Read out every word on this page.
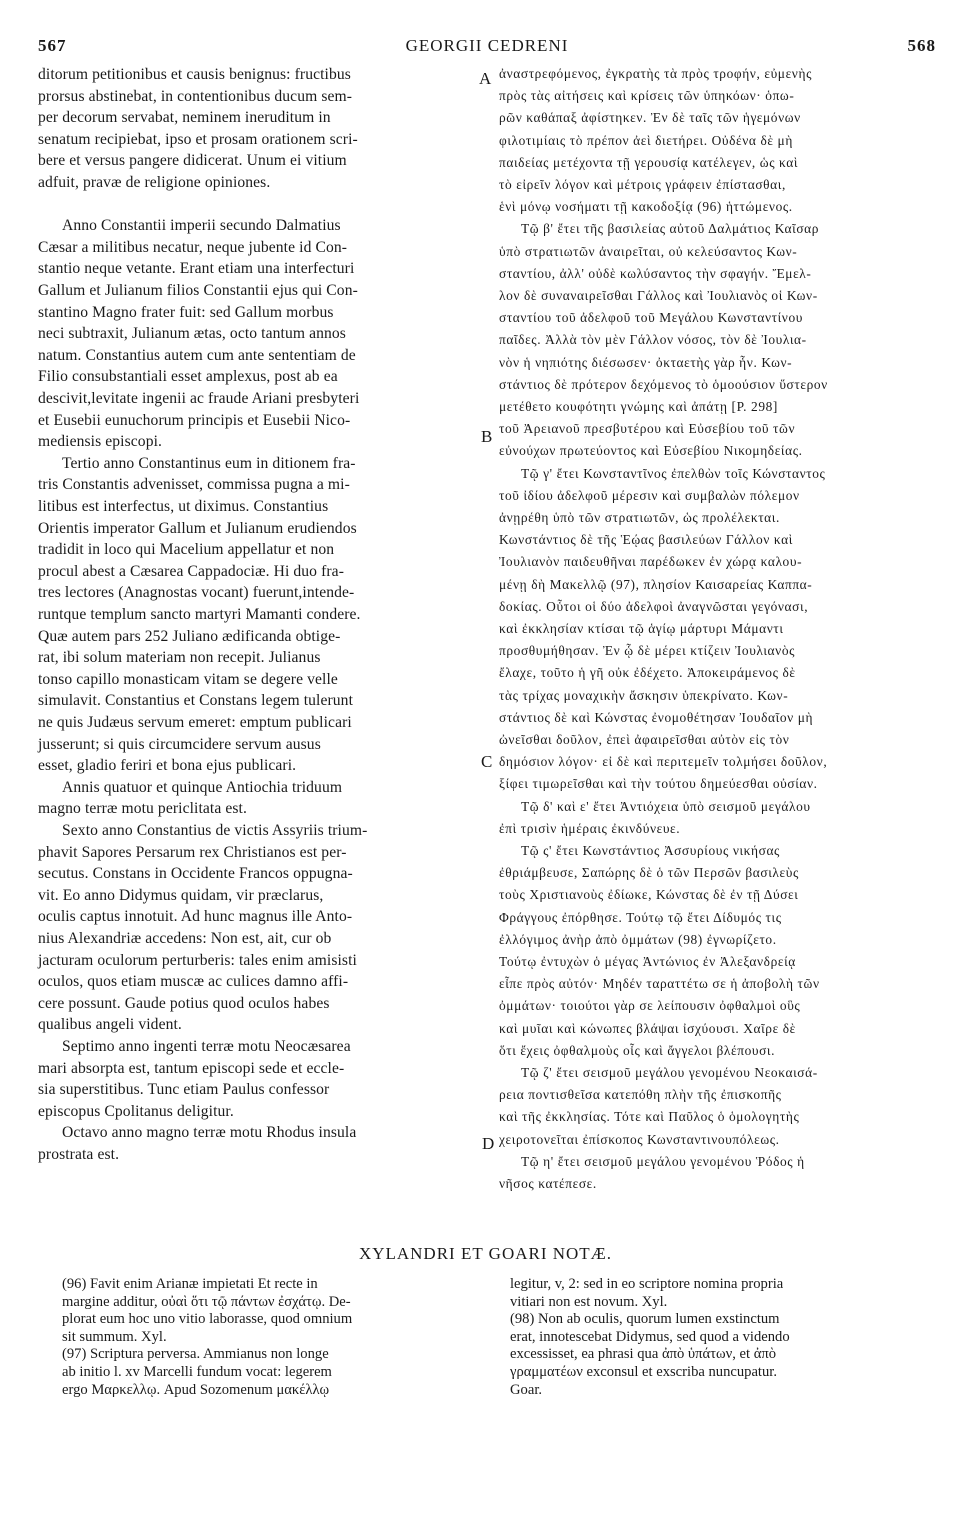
567	GEORGII CEDRENI	568
ditorum petitionibus et causis benignus: fructibus
prorsus abstinebat, in contentionibus ducum sem-
per decorum servabat, neminem ineruditum in
senatum recipiebat, ipso et prosam orationem scri-
bere et versus pangere didicerat. Unum ei vitium
adfuit, pravæ de religione opiniones.
Anno Constantii imperii secundo Dalmatius
Cæsar a militibus necatur, neque jubente id Con-
stantio neque vetante. Erant etiam una interfecturi
Gallum et Julianum filios Constantii ejus qui Con-
stantino Magno frater fuit: sed Gallum morbus
neci subtraxit, Julianum ætas, octo tantum annos
natum. Constantius autem cum ante sententiam de
Filio consubstantiali esset amplexus, post ab ea
descivit,levitate ingenii ac fraude Ariani presbyteri
et Eusebii eunuchorum principis et Eusebii Nico-
mediensis episcopi.
Tertio anno Constantinus eum in ditionem fra-
tris Constantis advenisset, commissa pugna a mi-
litibus est interfectus, ut diximus. Constantius
Orientis imperator Gallum et Julianum erudiendos
tradidit in loco qui Macelium appellatur et non
procul abest a Cæsarea Cappadociæ. Hi duo fra-
tres lectores (Anagnostas vocant) fuerunt,intende-
runtque templum sancto martyri Mamanti condere.
Quæ autem pars 252 Juliano ædificanda obtige-
rat, ibi solum materiam non recepit. Julianus
tonso capillo monasticam vitam se degere velle
simulavit. Constantius et Constans legem tulerunt
ne quis Judæus servum emeret: emptum publicari
jusserunt; si quis circumcidere servum ausus
esset, gladio feriri et bona ejus publicari.
Annis quatuor et quinque Antiochia triduum
magno terræ motu periclitata est.
Sexto anno Constantius de victis Assyriis trium-
phavit Sapores Persarum rex Christianos est per-
secutus. Constans in Occidente Francos oppugna-
vit. Eo anno Didymus quidam, vir præclarus,
oculis captus innotuit. Ad hunc magnus ille Anto-
nius Alexandriæ accedens: Non est, ait, cur ob
jacturam oculorum perturberis: tales enim amisisti
oculos, quos etiam muscæ ac culices damno affi-
cere possunt. Gaude potius quod oculos habes
qualibus angeli vident.
Septimo anno ingenti terræ motu Neocæsarea
mari absorpta est, tantum episcopi sede et eccle-
sia superstitibus. Tunc etiam Paulus confessor
episcopus Cpolitanus deligitur.
Octavo anno magno terræ motu Rhodus insula
prostrata est.
ἀναστρεφόμενος, ἐγκρατὴς τὰ πρὸς τροφήν, εὐμενὴς
πρὸς τὰς αἰτήσεις καὶ κρίσεις τῶν ὑπηκόων· ὁπω-
ρῶν καθάπαξ ἀφίστηκεν. Ἐν δὲ ταῖς τῶν ἡγεμόνων
φιλοτιμίαις τὸ πρέπον ἀεὶ διετήρει. Οὐδένα δὲ μὴ
παιδείας μετέχοντα τῇ γερουσίᾳ κατέλεγεν, ὡς καὶ
τὸ εἰρεῖν λόγον καὶ μέτροις γράφειν ἐπίστασθαι,
ἑνὶ μόνῳ νοσήματι τῇ κακοδοξίᾳ (96) ἡττώμενος.
Τῷ β' ἔτει τῆς βασιλείας αὐτοῦ Δαλμάτιος Καῖσαρ
ὑπὸ στρατιωτῶν ἀναιρεῖται, οὐ κελεύσαντος Κων-
σταντίου, ἀλλ' οὐδὲ κωλύσαντος τὴν σφαγήν. Ἔμελ-
λον δὲ συναναιρεῖσθαι Γάλλος καὶ Ἰουλιανὸς οἱ Κων-
σταντίου τοῦ ἀδελφοῦ τοῦ Μεγάλου Κωνσταντίνου
παῖδες. Ἀλλὰ τὸν μὲν Γάλλον νόσος, τὸν δὲ Ἰουλια-
νὸν ἡ νηπιότης διέσωσεν· ὀκταετὴς γὰρ ἦν. Κων-
στάντιος δὲ πρότερον δεχόμενος τὸ ὁμοούσιον ὕστερον
μετέθετο κουφότητι γνώμης καὶ ἀπάτῃ [P. 298]
τοῦ Ἀρειανοῦ πρεσβυτέρου καὶ Εὐσεβίου τοῦ τῶν
εὐνούχων πρωτεύοντος καὶ Εὐσεβίου Νικομηδείας.
Τῷ γ' ἔτει Κωνσταντῖνος ἐπελθὼν τοῖς Κώνσταντος
τοῦ ἰδίου ἀδελφοῦ μέρεσιν καὶ συμβαλὼν πόλεμον
ἀνῃρέθη ὑπὸ τῶν στρατιωτῶν, ὡς προλέλεκται.
Κωνστάντιος δὲ τῆς Ἑῴας βασιλεύων Γάλλον καὶ
Ἰουλιανὸν παιδευθῆναι παρέδωκεν ἐν χώρᾳ καλου-
μένῃ δὴ Μακελλῷ (97), πλησίον Καισαρείας Καππα-
δοκίας. Οὗτοι οἱ δύο ἀδελφοὶ ἀναγνῶσται γεγόνασι,
καὶ ἐκκλησίαν κτίσαι τῷ ἁγίῳ μάρτυρι Μάμαντι
προσθυμήθησαν. Ἐν ᾧ δὲ μέρει κτίζειν Ἰουλιανὸς
ἔλαχε, τοῦτο ἡ γῆ οὐκ ἐδέχετο. Ἀποκειράμενος δὲ
τὰς τρίχας μοναχικὴν ἄσκησιν ὑπεκρίνατο. Κων-
στάντιος δὲ καὶ Κώνστας ἐνομοθέτησαν Ἰουδαῖον μὴ
ὠνεῖσθαι δοῦλον, ἐπεὶ ἀφαιρεῖσθαι αὐτὸν εἰς τὸν
δημόσιον λόγον· εἰ δὲ καὶ περιτεμεῖν τολμήσει δοῦλον,
ξίφει τιμωρεῖσθαι καὶ τὴν τούτου δημεύεσθαι οὐσίαν.
Τῷ δ' καὶ ε' ἔτει Ἀντιόχεια ὑπὸ σεισμοῦ μεγάλου
ἐπὶ τρισὶν ἡμέραις ἐκινδύνευε.
Τῷ ς' ἔτει Κωνστάντιος Ἀσσυρίους νικήσας
ἐθριάμβευσε, Σαπώρης δὲ ὁ τῶν Περσῶν βασιλεὺς
τοὺς Χριστιανοὺς ἐδίωκε, Κώνστας δὲ ἐν τῇ Δύσει
Φράγγους ἐπόρθησε. Τούτῳ τῷ ἔτει Δίδυμός τις
ἐλλόγιμος ἀνὴρ ἀπὸ ὀμμάτων (98) ἐγνωρίζετο.
Τούτῳ ἐντυχὼν ὁ μέγας Ἀντώνιος ἐν Ἀλεξανδρείᾳ
εἶπε πρὸς αὐτόν· Μηδέν ταραττέτω σε ἡ ἀποβολὴ τῶν
ὀμμάτων· τοιούτοι γὰρ σε λείπουσιν ὀφθαλμοὶ οὓς
καὶ μυῖαι καὶ κώνωπες βλάψαι ἰσχύουσι. Χαῖρε δὲ
ὅτι ἔχεις ὀφθαλμοὺς οἷς καὶ ἄγγελοι βλέπουσι.
Τῷ ζ' ἔτει σεισμοῦ μεγάλου γενομένου Νεοκαισά-
ρεια ποντισθεῖσα κατεπόθη πλὴν τῆς ἐπισκοπῆς
καὶ τῆς ἐκκλησίας. Τότε καὶ Παῦλος ὁ ὁμολογητὴς
χειροτονεῖται ἐπίσκοπος Κωνσταντινουπόλεως.
Τῷ η' ἔτει σεισμοῦ μεγάλου γενομένου Ῥόδος ἡ
νῆσος κατέπεσε.
A
B
C
D
XYLANDRI ET GOARI NOTÆ.
(96) Favit enim Arianæ impietati Et recte in
margine additur, οὐαὶ ὅτι τῷ πάντων ἐσχάτῳ. De-
plorat eum hoc uno vitio laborasse, quod omnium
sit summum. Xyl.
(97) Scriptura perversa. Ammianus non longe
ab initio l. xv Marcelli fundum vocat: legerem
ergo Μαρκελλῳ. Apud Sozomenum μακέλλῳ
legitur, v, 2: sed in eo scriptore nomina propria
vitiari non est novum. Xyl.
(98) Non ab oculis, quorum lumen exstinctum
erat, innotescebat Didymus, sed quod a videndo
excessisset, ea phrasi qua ἀπὸ ὑπάτων, et ἀπὸ
γραμματέων exconsul et exscriba nuncupatur.
Goar.
